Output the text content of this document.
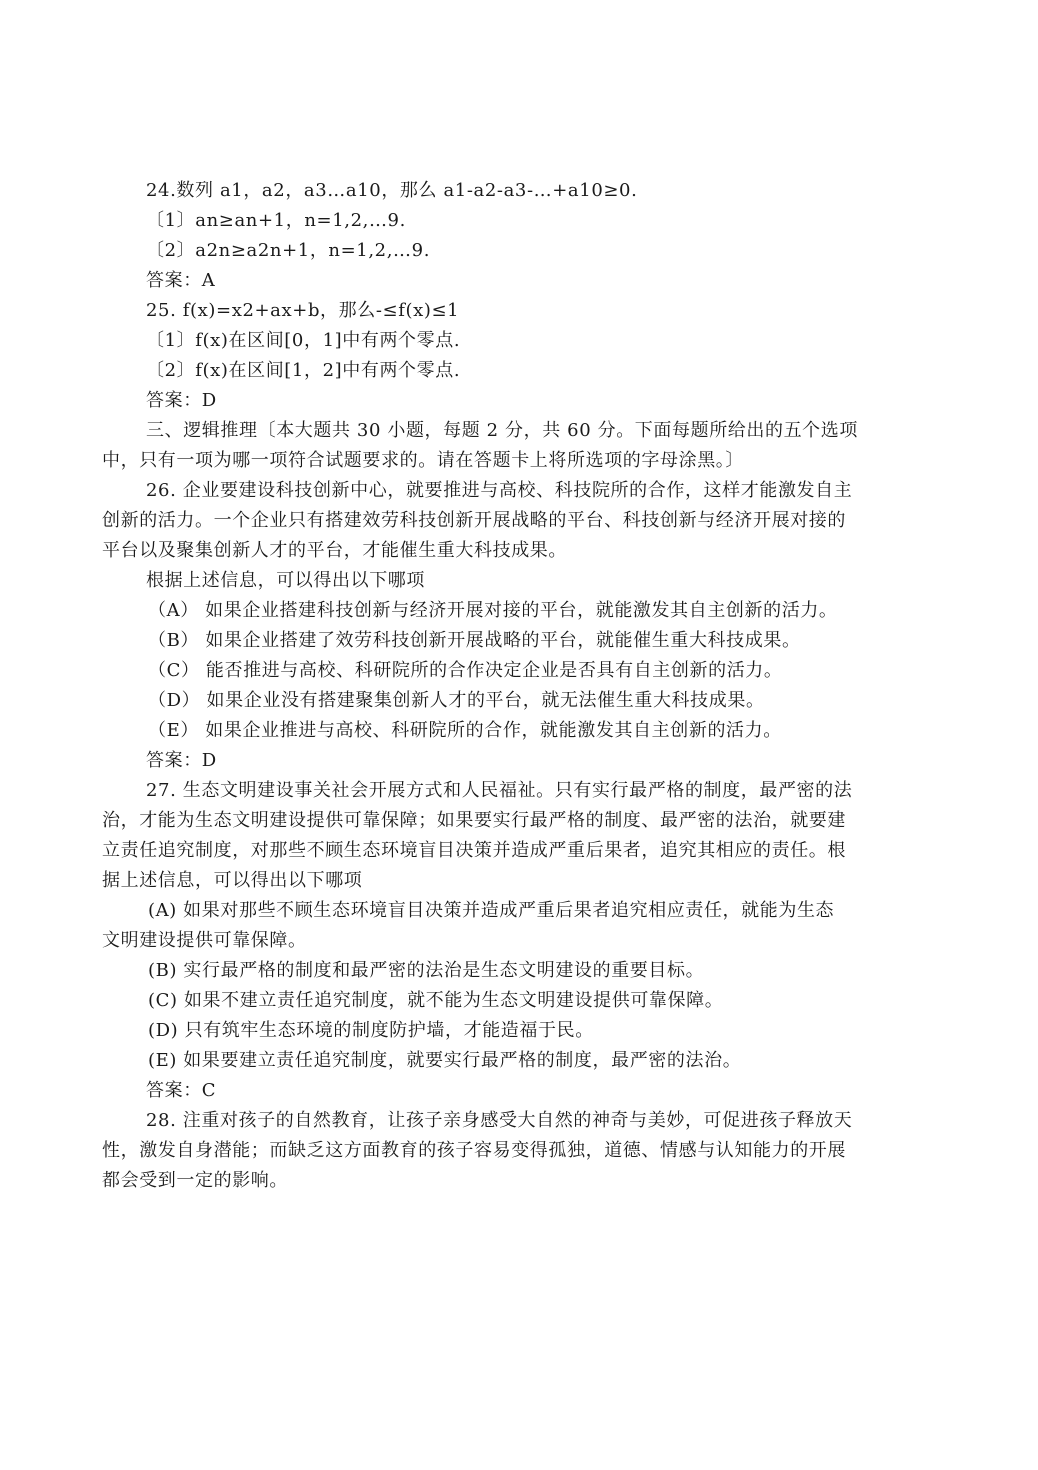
24.数列 a1，a2，a3…a10，那么 a1-a2-a3-…+a10≥0.
〔1〕an≥an+1，n=1,2,…9.
〔2〕a2n≥a2n+1，n=1,2,…9.
答案：A
25. f(x)=x2+ax+b，那么-≤f(x)≤1
〔1〕f(x)在区间[0，1]中有两个零点.
〔2〕f(x)在区间[1，2]中有两个零点.
答案：D
三、逻辑推理〔本大题共 30 小题，每题 2 分，共 60 分。下面每题所给出的五个选项
中，只有一项为哪一项符合试题要求的。请在答题卡上将所选项的字母涂黑。〕
26. 企业要建设科技创新中心，就要推进与高校、科技院所的合作，这样才能激发自主
创新的活力。一个企业只有搭建效劳科技创新开展战略的平台、科技创新与经济开展对接的
平台以及聚集创新人才的平台，才能催生重大科技成果。
根据上述信息，可以得出以下哪项
（A） 如果企业搭建科技创新与经济开展对接的平台，就能激发其自主创新的活力。
（B） 如果企业搭建了效劳科技创新开展战略的平台，就能催生重大科技成果。
（C） 能否推进与高校、科研院所的合作决定企业是否具有自主创新的活力。
（D） 如果企业没有搭建聚集创新人才的平台，就无法催生重大科技成果。
（E） 如果企业推进与高校、科研院所的合作，就能激发其自主创新的活力。
答案：D
27. 生态文明建设事关社会开展方式和人民福祉。只有实行最严格的制度，最严密的法
治，才能为生态文明建设提供可靠保障；如果要实行最严格的制度、最严密的法治，就要建
立责任追究制度，对那些不顾生态环境盲目决策并造成严重后果者，追究其相应的责任。根
据上述信息，可以得出以下哪项
(A) 如果对那些不顾生态环境盲目决策并造成严重后果者追究相应责任，就能为生态
文明建设提供可靠保障。
(B) 实行最严格的制度和最严密的法治是生态文明建设的重要目标。
(C) 如果不建立责任追究制度，就不能为生态文明建设提供可靠保障。
(D) 只有筑牢生态环境的制度防护墙，才能造福于民。
(E) 如果要建立责任追究制度，就要实行最严格的制度，最严密的法治。
答案：C
28. 注重对孩子的自然教育，让孩子亲身感受大自然的神奇与美妙，可促进孩子释放天
性，激发自身潜能；而缺乏这方面教育的孩子容易变得孤独，道德、情感与认知能力的开展
都会受到一定的影响。
